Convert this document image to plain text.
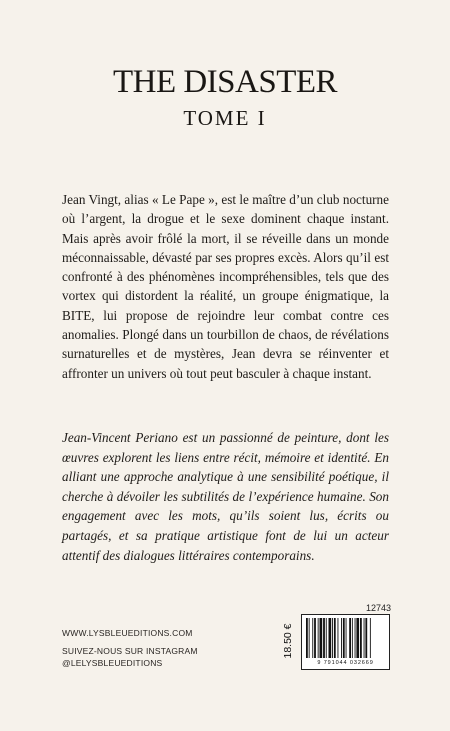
THE DISASTER
TOME I

Jean Vingt, alias « Le Pape », est le maître d’un club nocturne où l’argent, la drogue et le sexe dominent chaque instant. Mais après avoir frôlé la mort, il se réveille dans un monde méconnaissable, dévasté par ses propres excès. Alors qu’il est confronté à des phénomènes incompréhensibles, tels que des vortex qui distordent la réalité, un groupe énigmatique, la BITE, lui propose de rejoindre leur combat contre ces anomalies. Plongé dans un tourbillon de chaos, de révélations surnaturelles et de mystères, Jean devra se réinventer et affronter un univers où tout peut basculer à chaque instant.

Jean-Vincent Periano est un passionné de peinture, dont les œuvres explorent les liens entre récit, mémoire et identité. En alliant une approche analytique à une sensibilité poétique, il cherche à dévoiler les subtilités de l’expérience humaine. Son engagement avec les mots, qu’ils soient lus, écrits ou partagés, et sa pratique artistique font de lui un acteur attentif des dialogues littéraires contemporains.

WWW.LYSBLEUEDITIONS.COM
SUIVEZ-NOUS SUR INSTAGRAM
@LELYSBLEUEDITIONS
12743
18.50 €
9 791044 032669
